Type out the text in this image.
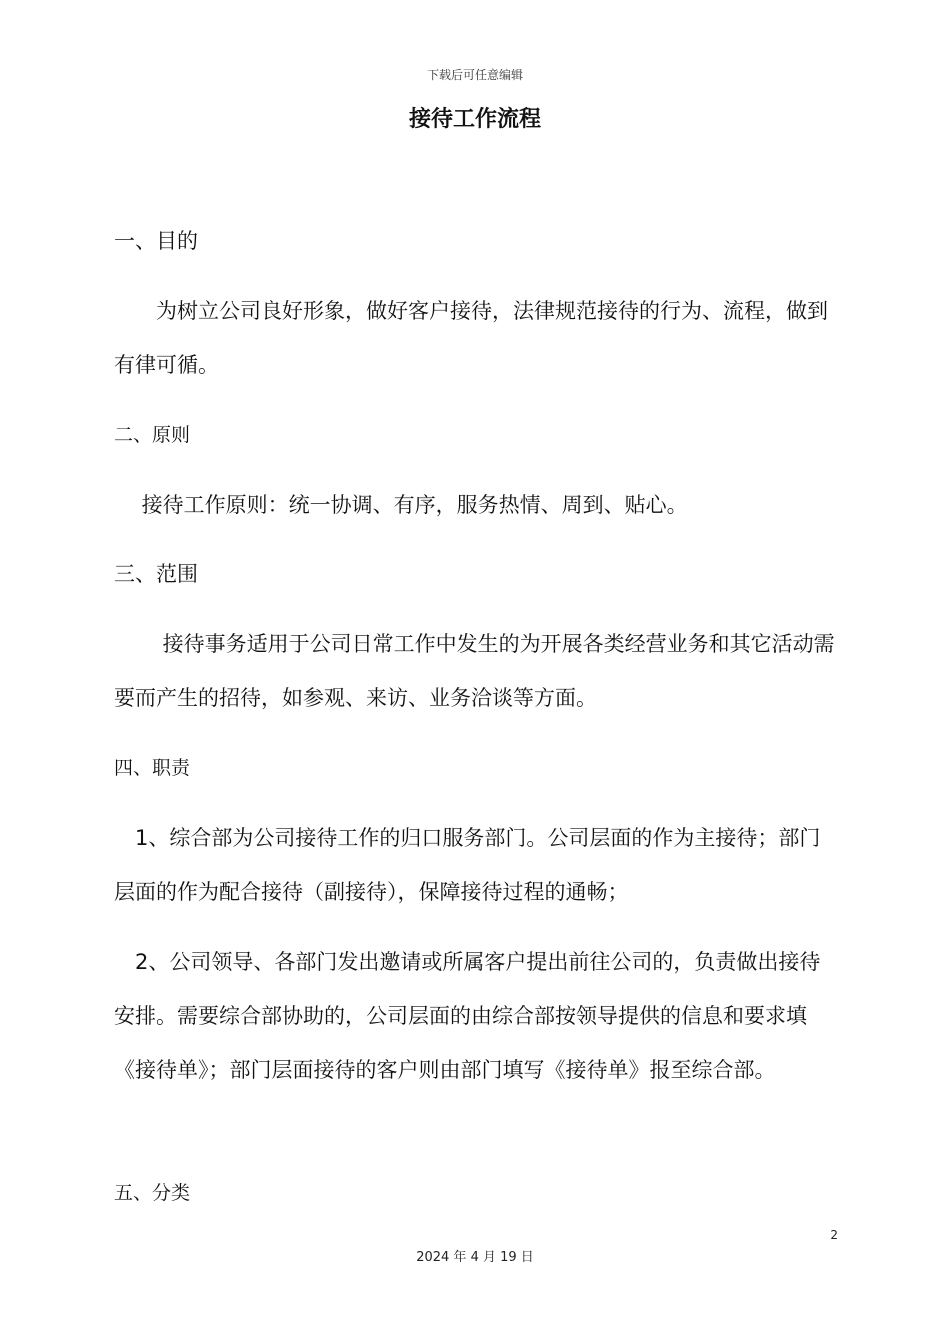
下载后可任意编辑
接待工作流程
一、目的

　　为树立公司良好形象，做好客户接待，法律规范接待的行为、流程，做到有律可循。

二、原则

　 接待工作原则：统一协调、有序，服务热情、周到、贴心。

三、范围

　　 接待事务适用于公司日常工作中发生的为开展各类经营业务和其它活动需要而产生的招待，如参观、来访、业务洽谈等方面。

四、职责

　1、综合部为公司接待工作的归口服务部门。公司层面的作为主接待；部门层面的作为配合接待（副接待），保障接待过程的通畅；

　2、公司领导、各部门发出邀请或所属客户提出前往公司的，负责做出接待安排。需要综合部协助的，公司层面的由综合部按领导提供的信息和要求填《接待单》；部门层面接待的客户则由部门填写《接待单》报至综合部。

五、分类
2
2024 年 4 月 19 日
